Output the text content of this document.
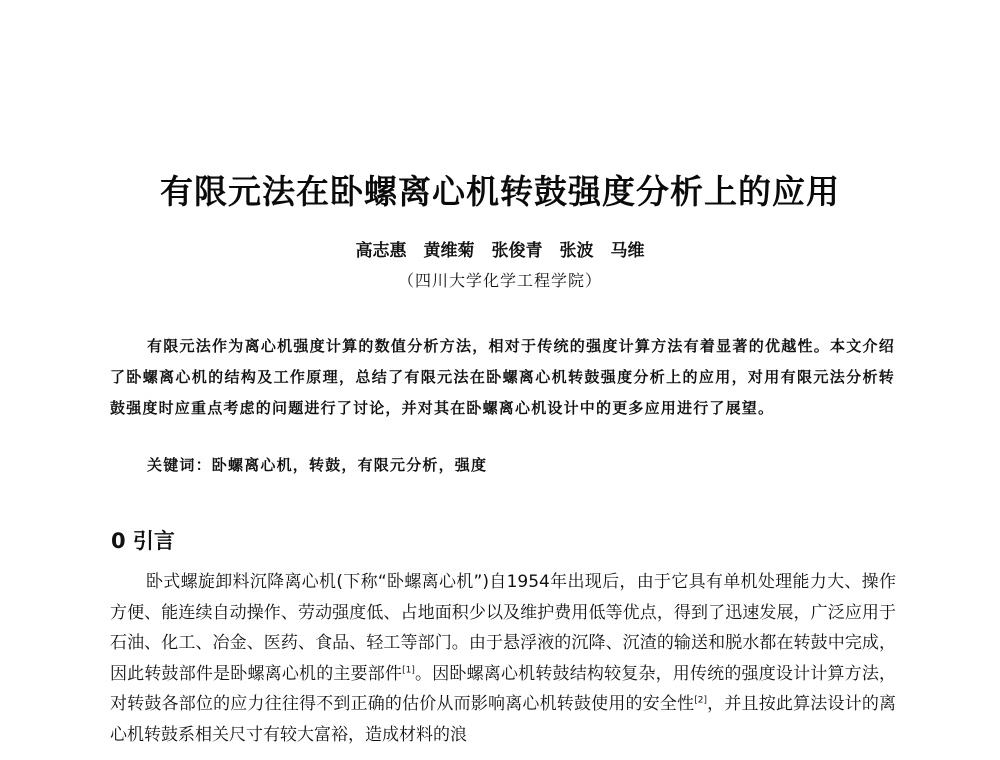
有限元法在卧螺离心机转鼓强度分析上的应用
高志惠　黄维菊　张俊青　张波　马维
（四川大学化学工程学院）

有限元法作为离心机强度计算的数值分析方法，相对于传统的强度计算方法有着显著的优越性。本文介绍了卧螺离心机的结构及工作原理，总结了有限元法在卧螺离心机转鼓强度分析上的应用，对用有限元法分析转鼓强度时应重点考虑的问题进行了讨论，并对其在卧螺离心机设计中的更多应用进行了展望。

关键词：卧螺离心机，转鼓，有限元分析，强度
0 引言

卧式螺旋卸料沉降离心机(下称“卧螺离心机”)自1954年出现后，由于它具有单机处理能力大、操作方便、能连续自动操作、劳动强度低、占地面积少以及维护费用低等优点，得到了迅速发展，广泛应用于石油、化工、冶金、医药、食品、轻工等部门。由于悬浮液的沉降、沉渣的输送和脱水都在转鼓中完成，因此转鼓部件是卧螺离心机的主要部件[1]。因卧螺离心机转鼓结构较复杂，用传统的强度设计计算方法，对转鼓各部位的应力往往得不到正确的估价从而影响离心机转鼓使用的安全性[2]，并且按此算法设计的离心机转鼓系相关尺寸有较大富裕，造成材料的浪
